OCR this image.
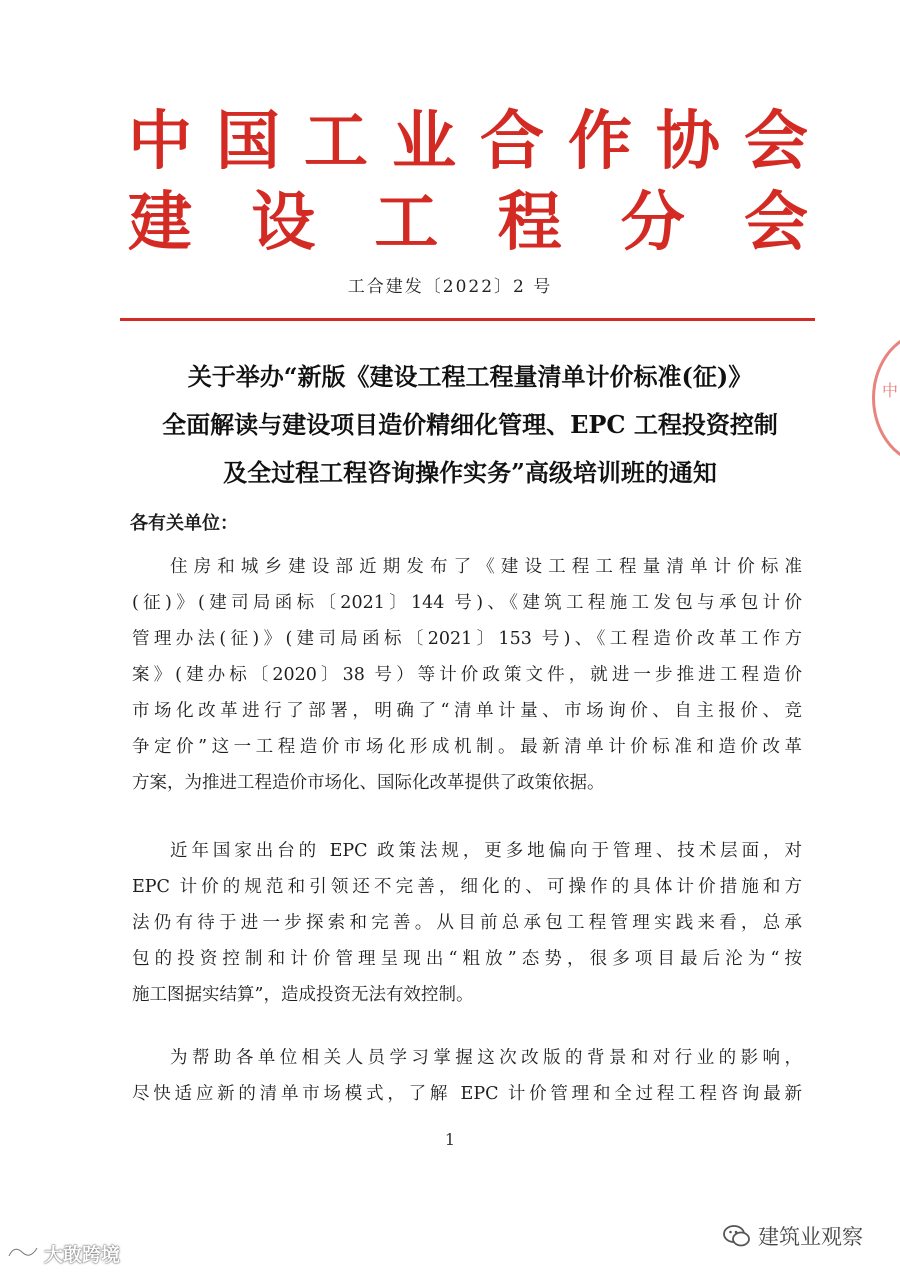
中 国 工 业 合 作 协 会
建 设 工 程 分 会
工合建发〔2022〕2 号
中
关于举办“新版《建设工程工程量清单计价标准(征)》
全面解读与建设项目造价精细化管理、EPC 工程投资控制
及全过程工程咨询操作实务”高级培训班的通知
各有关单位：
住房和城乡建设部近期发布了《建设工程工程量清单计价标准
(征)》(建司局函标〔2021〕144 号)、《建筑工程施工发包与承包计价
管理办法(征)》(建司局函标〔2021〕153 号)、《工程造价改革工作方
案》(建办标〔2020〕38 号）等计价政策文件，就进一步推进工程造价
市场化改革进行了部署，明确了“清单计量、市场询价、自主报价、竞
争定价”这一工程造价市场化形成机制。最新清单计价标准和造价改革
方案，为推进工程造价市场化、国际化改革提供了政策依据。
近年国家出台的 EPC 政策法规，更多地偏向于管理、技术层面，对
EPC 计价的规范和引领还不完善，细化的、可操作的具体计价措施和方
法仍有待于进一步探索和完善。从目前总承包工程管理实践来看，总承
包的投资控制和计价管理呈现出“粗放”态势，很多项目最后沦为“按
施工图据实结算”，造成投资无法有效控制。
为帮助各单位相关人员学习掌握这次改版的背景和对行业的影响，
尽快适应新的清单市场模式，了解 EPC 计价管理和全过程工程咨询最新
1
大敢跨境
建筑业观察
